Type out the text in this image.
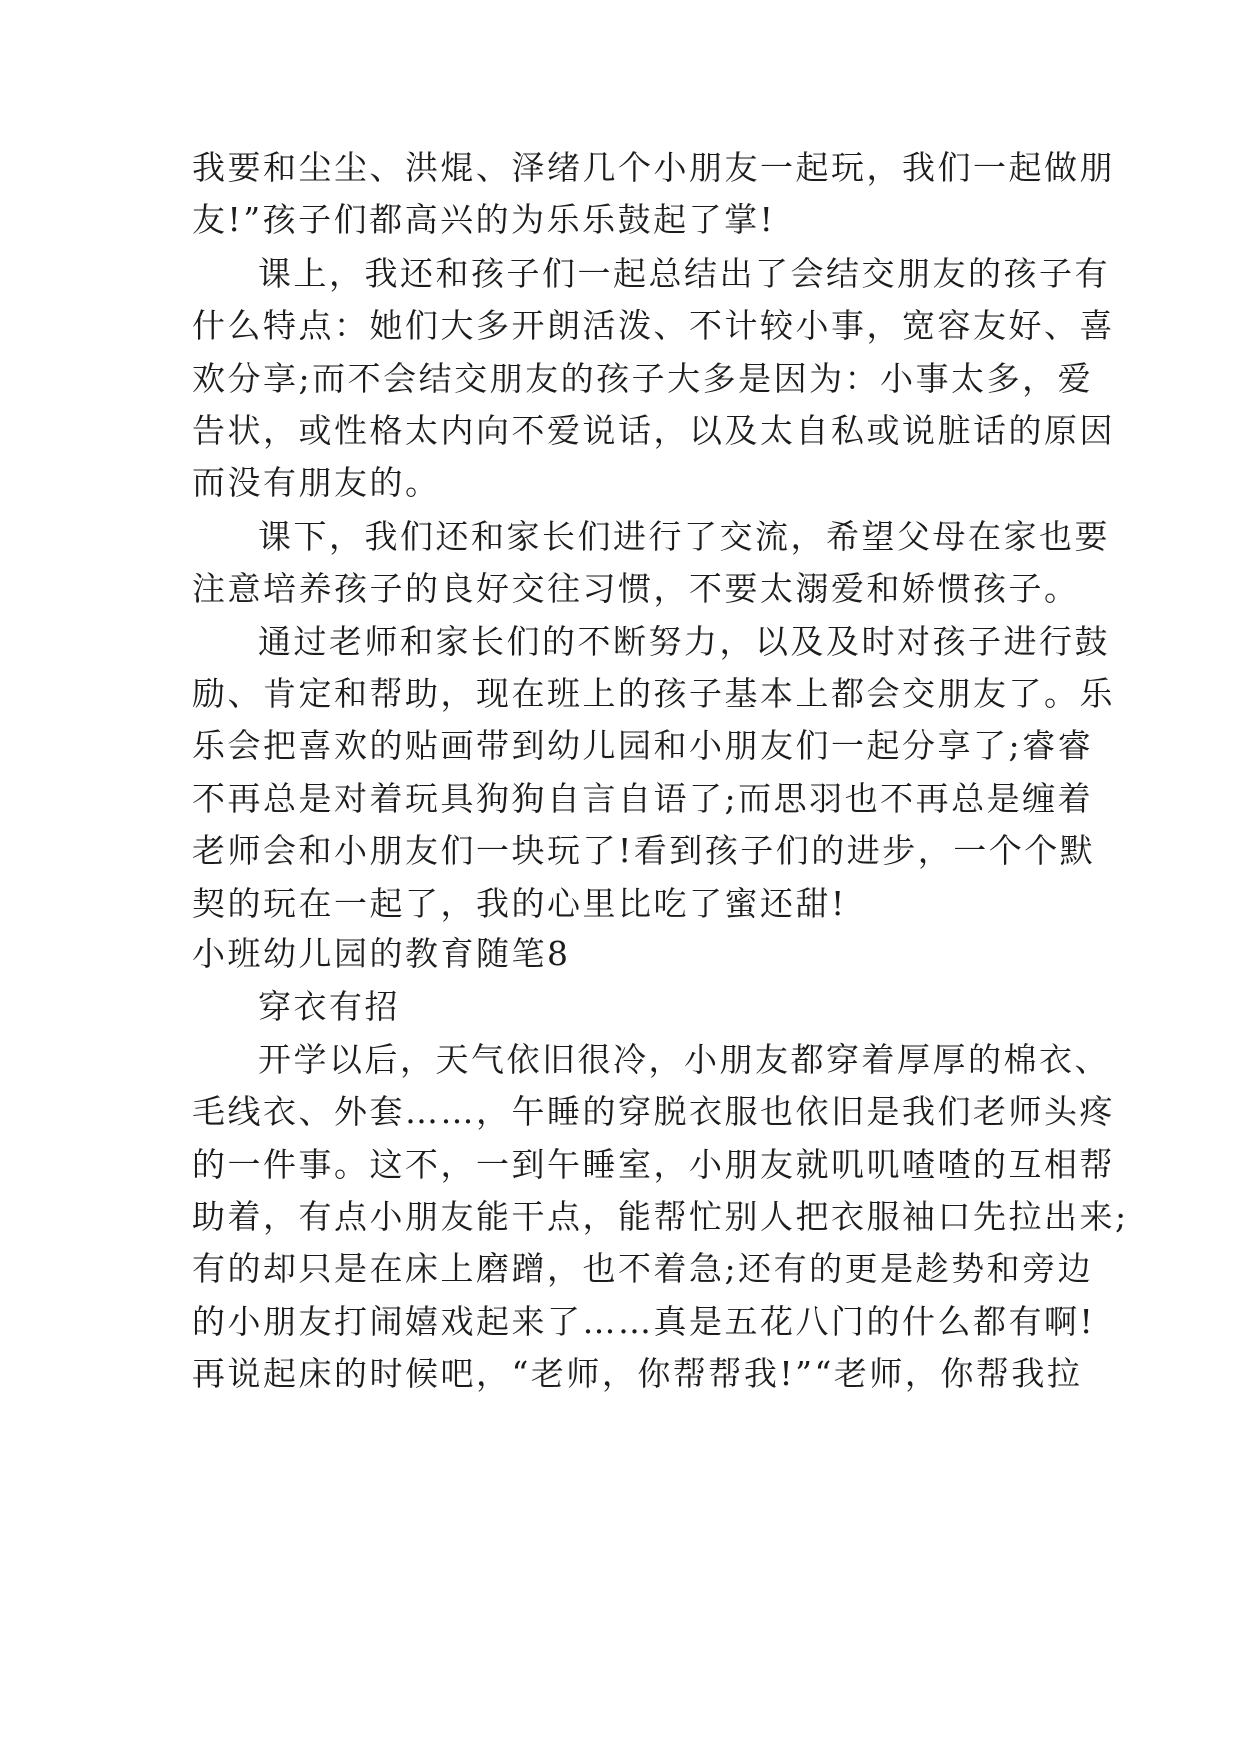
我要和尘尘、洪焜、泽绪几个小朋友一起玩，我们一起做朋
友!”孩子们都高兴的为乐乐鼓起了掌!
课上，我还和孩子们一起总结出了会结交朋友的孩子有
什么特点：她们大多开朗活泼、不计较小事，宽容友好、喜
欢分享;而不会结交朋友的孩子大多是因为：小事太多，爱
告状，或性格太内向不爱说话，以及太自私或说脏话的原因
而没有朋友的。
课下，我们还和家长们进行了交流，希望父母在家也要
注意培养孩子的良好交往习惯，不要太溺爱和娇惯孩子。
通过老师和家长们的不断努力，以及及时对孩子进行鼓
励、肯定和帮助，现在班上的孩子基本上都会交朋友了。乐
乐会把喜欢的贴画带到幼儿园和小朋友们一起分享了;睿睿
不再总是对着玩具狗狗自言自语了;而思羽也不再总是缠着
老师会和小朋友们一块玩了!看到孩子们的进步，一个个默
契的玩在一起了，我的心里比吃了蜜还甜!
小班幼儿园的教育随笔8
穿衣有招
开学以后，天气依旧很冷，小朋友都穿着厚厚的棉衣、
毛线衣、外套……，午睡的穿脱衣服也依旧是我们老师头疼
的一件事。这不，一到午睡室，小朋友就叽叽喳喳的互相帮
助着，有点小朋友能干点，能帮忙别人把衣服袖口先拉出来;
有的却只是在床上磨蹭，也不着急;还有的更是趁势和旁边
的小朋友打闹嬉戏起来了……真是五花八门的什么都有啊!
再说起床的时候吧，“老师，你帮帮我!”“老师，你帮我拉
